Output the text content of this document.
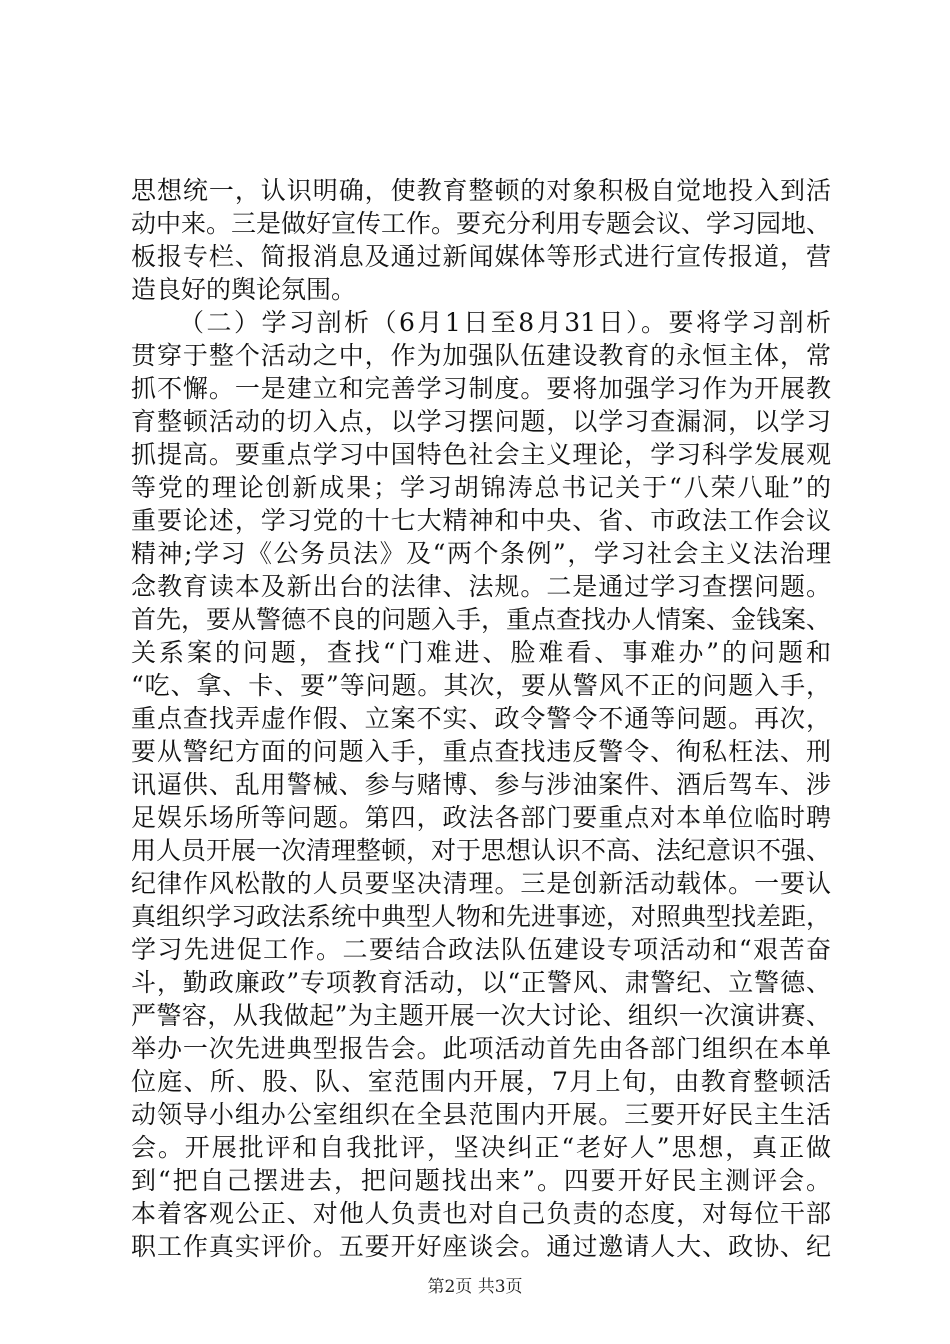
思想统一，认识明确，使教育整顿的对象积极自觉地投入到活
动中来。三是做好宣传工作。要充分利用专题会议、学习园地、
板报专栏、简报消息及通过新闻媒体等形式进行宣传报道，营
造良好的舆论氛围。
（二）学习剖析（6月1日至8月31日）。要将学习剖析
贯穿于整个活动之中，作为加强队伍建设教育的永恒主体，常
抓不懈。一是建立和完善学习制度。要将加强学习作为开展教
育整顿活动的切入点，以学习摆问题，以学习查漏洞，以学习
抓提高。要重点学习中国特色社会主义理论，学习科学发展观
等党的理论创新成果；学习胡锦涛总书记关于“八荣八耻”的
重要论述，学习党的十七大精神和中央、省、市政法工作会议
精神;学习《公务员法》及“两个条例”，学习社会主义法治理
念教育读本及新出台的法律、法规。二是通过学习查摆问题。
首先，要从警德不良的问题入手，重点查找办人情案、金钱案、
关系案的问题，查找“门难进、脸难看、事难办”的问题和
“吃、拿、卡、要”等问题。其次，要从警风不正的问题入手，
重点查找弄虚作假、立案不实、政令警令不通等问题。再次，
要从警纪方面的问题入手，重点查找违反警令、徇私枉法、刑
讯逼供、乱用警械、参与赌博、参与涉油案件、酒后驾车、涉
足娱乐场所等问题。第四，政法各部门要重点对本单位临时聘
用人员开展一次清理整顿，对于思想认识不高、法纪意识不强、
纪律作风松散的人员要坚决清理。三是创新活动载体。一要认
真组织学习政法系统中典型人物和先进事迹，对照典型找差距，
学习先进促工作。二要结合政法队伍建设专项活动和“艰苦奋
斗，勤政廉政”专项教育活动，以“正警风、肃警纪、立警德、
严警容，从我做起”为主题开展一次大讨论、组织一次演讲赛、
举办一次先进典型报告会。此项活动首先由各部门组织在本单
位庭、所、股、队、室范围内开展，7月上旬，由教育整顿活
动领导小组办公室组织在全县范围内开展。三要开好民主生活
会。开展批评和自我批评，坚决纠正“老好人”思想，真正做
到“把自己摆进去，把问题找出来”。四要开好民主测评会。
本着客观公正、对他人负责也对自己负责的态度，对每位干部
职工作真实评价。五要开好座谈会。通过邀请人大、政协、纪
第2页 共3页
